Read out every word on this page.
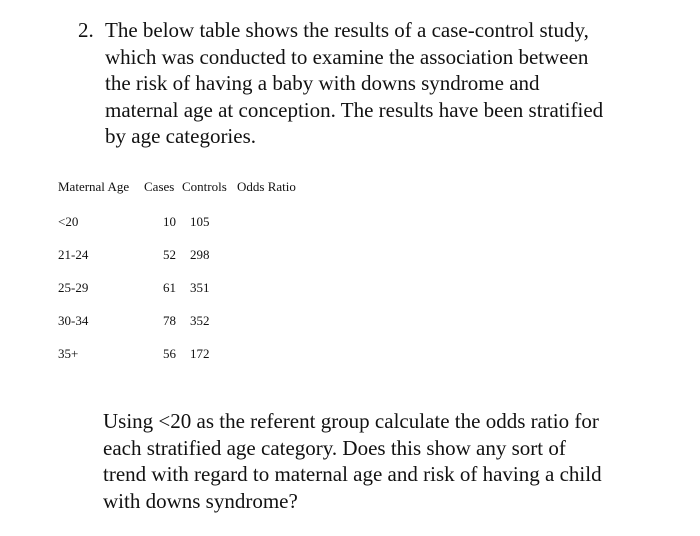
2. The below table shows the results of a case-control study,
which was conducted to examine the association between
the risk of having a baby with downs syndrome and
maternal age at conception. The results have been stratified
by age categories.
Maternal Age	Cases	Controls	Odds Ratio
<20	10	105	
21-24	52	298	
25-29	61	351	
30-34	78	352	
35+	56	172	
Using <20 as the referent group calculate the odds ratio for
each stratified age category. Does this show any sort of
trend with regard to maternal age and risk of having a child
with downs syndrome?
